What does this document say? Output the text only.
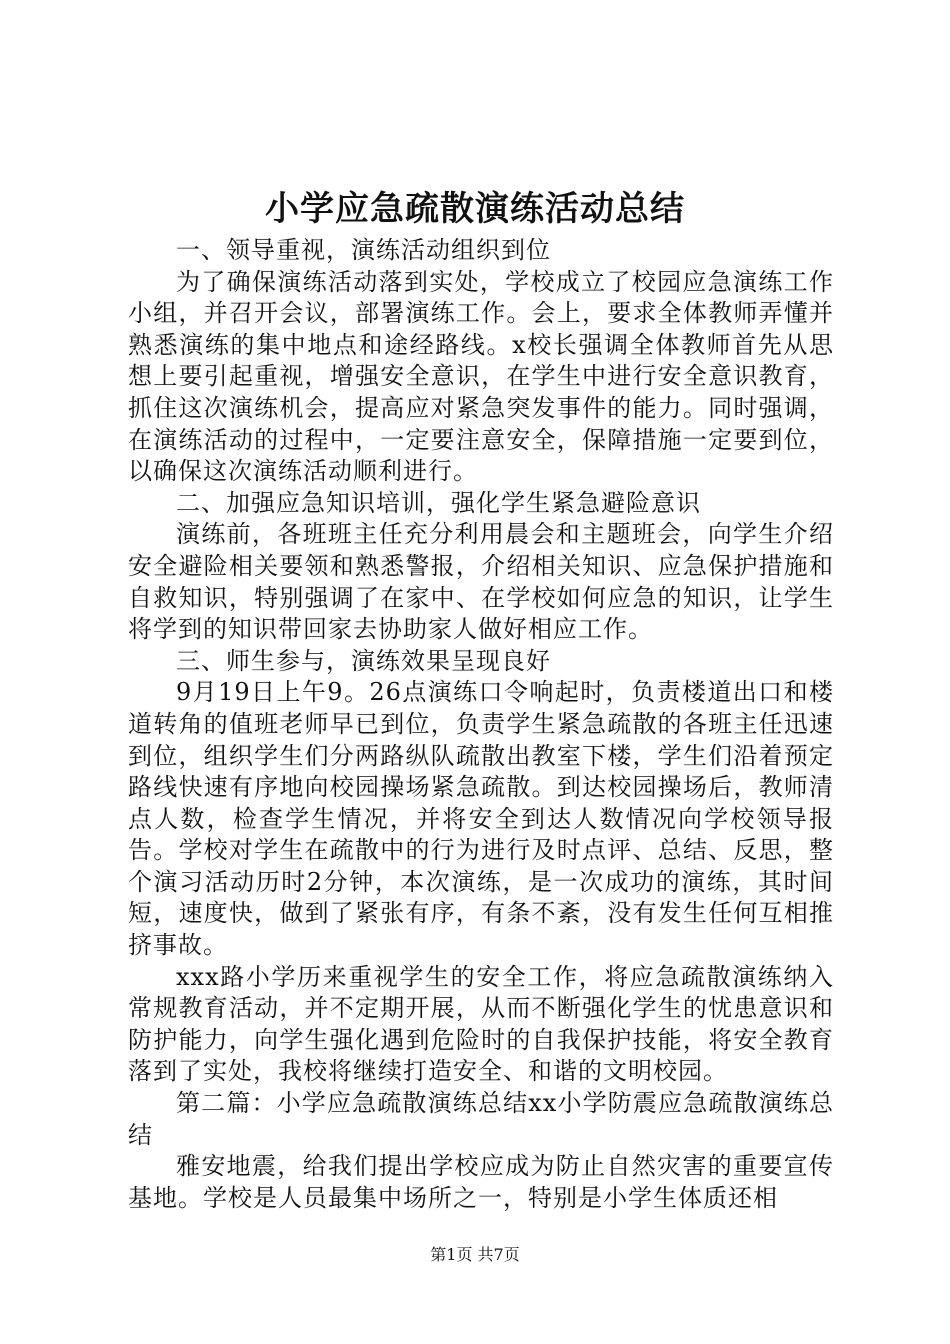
小学应急疏散演练活动总结

一、领导重视，演练活动组织到位

为了确保演练活动落到实处，学校成立了校园应急演练工作小组，并召开会议，部署演练工作。会上，要求全体教师弄懂并熟悉演练的集中地点和途经路线。x校长强调全体教师首先从思想上要引起重视，增强安全意识，在学生中进行安全意识教育，抓住这次演练机会，提高应对紧急突发事件的能力。同时强调，在演练活动的过程中，一定要注意安全，保障措施一定要到位，以确保这次演练活动顺利进行。

二、加强应急知识培训，强化学生紧急避险意识

演练前，各班班主任充分利用晨会和主题班会，向学生介绍安全避险相关要领和熟悉警报，介绍相关知识、应急保护措施和自救知识，特别强调了在家中、在学校如何应急的知识，让学生将学到的知识带回家去协助家人做好相应工作。

三、师生参与，演练效果呈现良好

9月19日上午9。26点演练口令响起时，负责楼道出口和楼道转角的值班老师早已到位，负责学生紧急疏散的各班主任迅速到位，组织学生们分两路纵队疏散出教室下楼，学生们沿着预定路线快速有序地向校园操场紧急疏散。到达校园操场后，教师清点人数，检查学生情况，并将安全到达人数情况向学校领导报告。学校对学生在疏散中的行为进行及时点评、总结、反思，整个演习活动历时2分钟，本次演练，是一次成功的演练，其时间短，速度快，做到了紧张有序，有条不紊，没有发生任何互相推挤事故。

xxx路小学历来重视学生的安全工作，将应急疏散演练纳入常规教育活动，并不定期开展，从而不断强化学生的忧患意识和防护能力，向学生强化遇到危险时的自我保护技能，将安全教育落到了实处，我校将继续打造安全、和谐的文明校园。

第二篇：小学应急疏散演练总结xx小学防震应急疏散演练总结

雅安地震，给我们提出学校应成为防止自然灾害的重要宣传基地。学校是人员最集中场所之一，特别是小学生体质还相

第1页 共7页
